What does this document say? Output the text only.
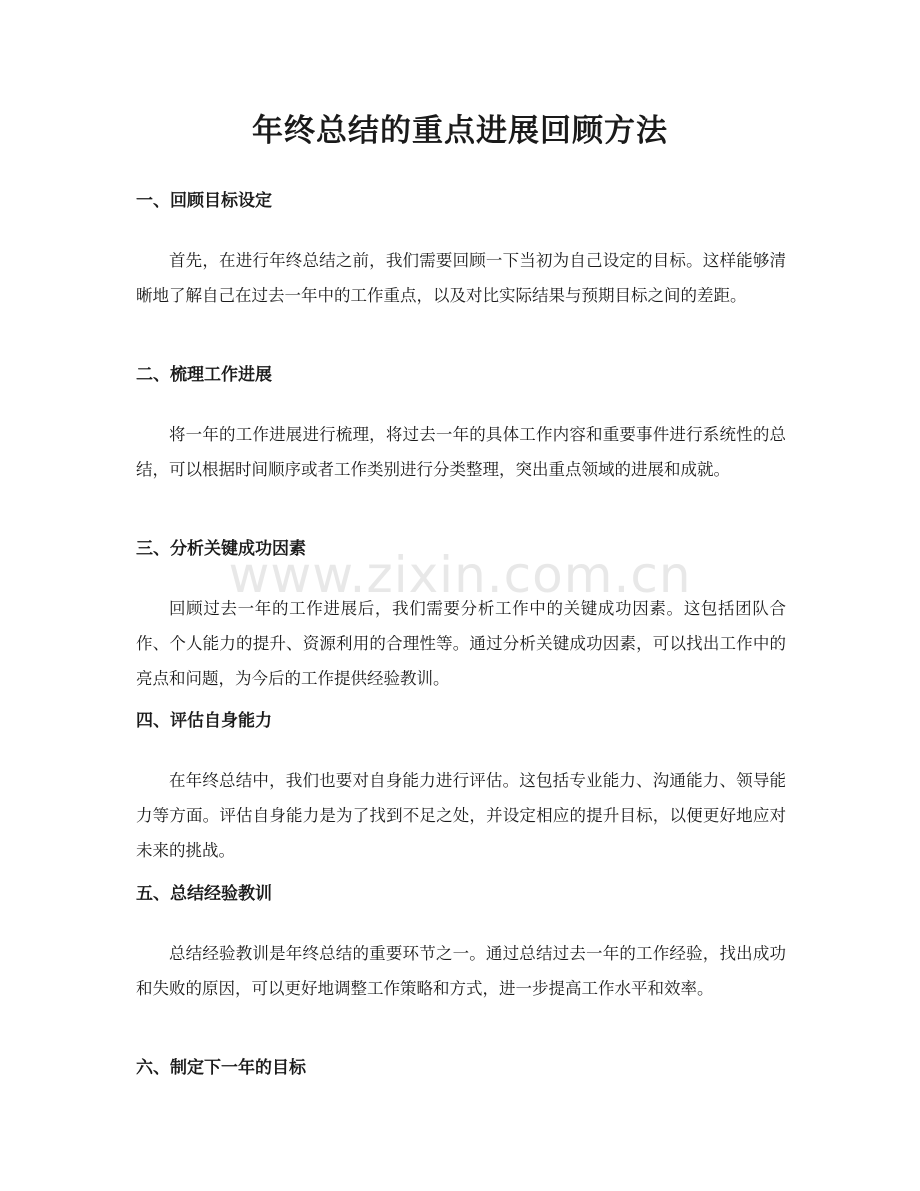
年终总结的重点进展回顾方法
一、回顾目标设定

首先，在进行年终总结之前，我们需要回顾一下当初为自己设定的目标。这样能够清晰地了解自己在过去一年中的工作重点，以及对比实际结果与预期目标之间的差距。

二、梳理工作进展

将一年的工作进展进行梳理，将过去一年的具体工作内容和重要事件进行系统性的总结，可以根据时间顺序或者工作类别进行分类整理，突出重点领域的进展和成就。

三、分析关键成功因素

回顾过去一年的工作进展后，我们需要分析工作中的关键成功因素。这包括团队合作、个人能力的提升、资源利用的合理性等。通过分析关键成功因素，可以找出工作中的亮点和问题，为今后的工作提供经验教训。

四、评估自身能力

在年终总结中，我们也要对自身能力进行评估。这包括专业能力、沟通能力、领导能力等方面。评估自身能力是为了找到不足之处，并设定相应的提升目标，以便更好地应对未来的挑战。

五、总结经验教训

总结经验教训是年终总结的重要环节之一。通过总结过去一年的工作经验，找出成功和失败的原因，可以更好地调整工作策略和方式，进一步提高工作水平和效率。

六、制定下一年的目标
www.zixin.com.cn
